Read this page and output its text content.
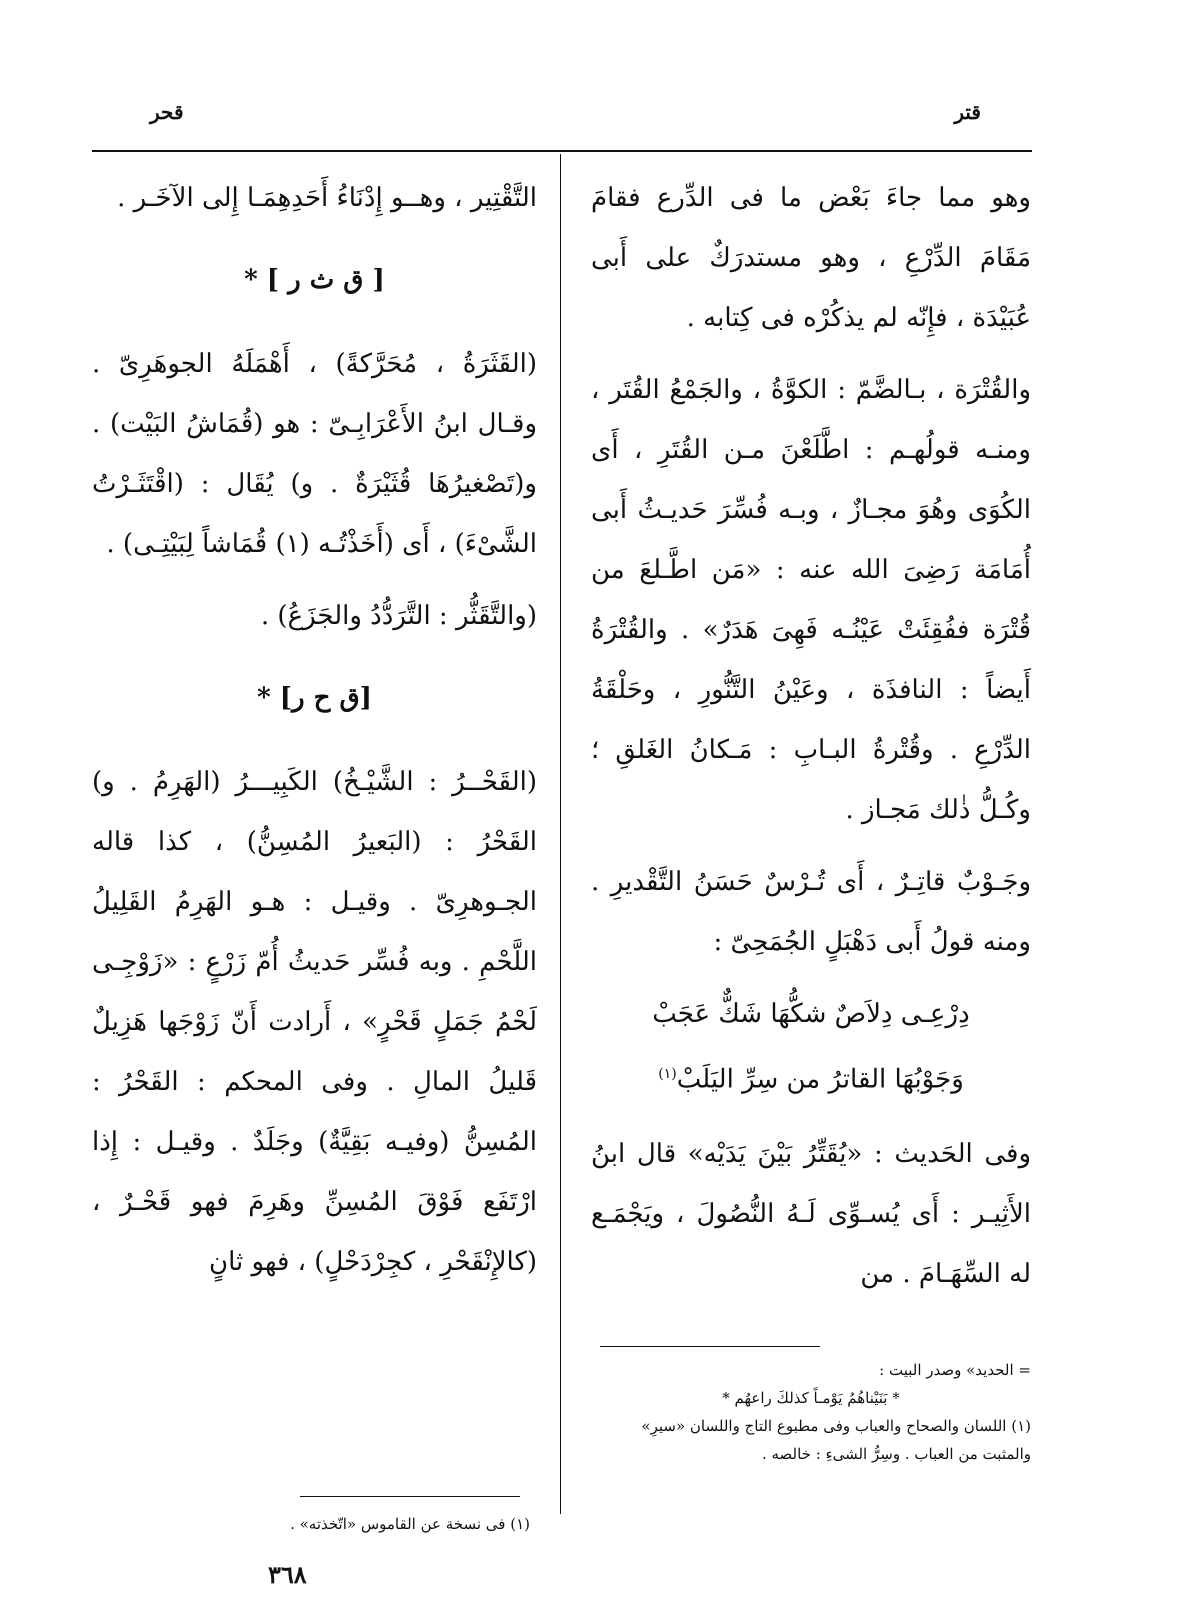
قتر
قحر

وهو مما جاءَ بَعْض ما فى الدِّرع فقامَ مَقَامَ الدِّرْعِ ، وهو مستدرَكٌ على أَبى عُبَيْدَة ، فإِنّه لم يذكُرْه فى كِتابه .

والقُتْرَة ، بـالضَّمّ : الكوَّةُ ، والجَمْعُ القُتَر ، ومنـه قولُهـم : اطَّلَعْنَ مـن القُتَرِ ، أَى الكُوَى وهُوَ مجـازٌ ، وبـه فُسِّرَ حَديـثُ أَبى أُمَامَة رَضِىَ الله عنه : «مَن اطَّـلعَ من قُتْرَة ففُقِئَتْ عَيْنُـه فَهِىَ هَدَرٌ» . والقُتْرَةُ أَيضاً : النافذَة ، وعَيْنُ التَّنُّورِ ، وحَلْقَةُ الدِّرْعِ . وقُتْرةُ البـابِ : مَـكانُ الغَلقِ ؛ وكُـلُّ ذٰلك مَجـاز .

وجَـوْبٌ قاتِـرٌ ، أَى تُـرْسٌ حَسَنُ التَّقْديرِ . ومنه قولُ أَبى دَهْبَلٍ الجُمَحِىّ :

دِرْعِـى دِلاَصٌ شكُّهَا شَكٌّ عَجَبْ
وَجَوْبُهَا القاترُ من سِرِّ اليَلَبْ$^{(١)}$

وفى الحَديث : «يُقَتِّرُ بَيْنَ يَدَيْه» قال ابنُ الأَثِيـر : أَى يُسـوِّى لَـهُ النُّصُولَ ، ويَجْمَـع له السِّهَـامَ . من

التَّقْتِير ، وهــو إِدْنَاءُ أَحَدِهِمَـا إِلى الآخَـر .

[ ق ث ر ] *

(القَثَرَةُ ، مُحَرَّكةً) ، أَهْمَلَهُ الجوهَرِىّ . وقـال ابنُ الأَعْرَابِـىّ : هو (قُمَاشُ البَيْت) . و(تَصْغيرُهَا قُثَيْرَةٌ . و) يُقَال : (اقْتَثَـرْتُ الشَّىْءَ) ، أَى (أَخَذْتُـه (١) قُمَاشاً لِبَيْتِـى) .

(والتَّقَثُّر : التَّرَدُّدُ والجَزَعُ) .

[ق ح ر] *

(القَحْــرُ : الشَّيْـخُ) الكَبِيـــرُ (الهَرِمُ . و) القَحْرُ : (البَعيرُ المُسِنُّ) ، كذا قاله الجـوهرِىّ . وقيـل : هـو الهَرِمُ القَلِيلُ اللَّحْمِ . وبه فُسِّر حَديثُ أُمّ زَرْعٍ : «زَوْجِـى لَحْمُ جَمَلٍ قَحْرٍ» ، أَرادت أَنّ زَوْجَها هَزِيلٌ قَليلُ المالِ . وفى المحكم : القَحْرُ : المُسِنُّ (وفيـه بَقِيَّةٌ) وجَلَدٌ . وقيـل : إِذا ارْتَفَع فَوْقَ المُسِنِّ وهَرِمَ فهو قَحْـرٌ ، (كالإِنْقَحْرِ ، كجِرْدَحْلٍ) ، فهو ثانٍ

= الحديد» وصدر البيت :

* بَنَيْناهُمُ يَوْمـاً كذلكَ راعهُم *

(١) اللسان والصحاح والعباب وفى مطبوع التاج واللسان «سيرِ» والمثبت من العباب . وسِرُّ الشىءِ : خالصه .

(١) فى نسخة عن القاموس «اتّخذته» .

٣٦٨
